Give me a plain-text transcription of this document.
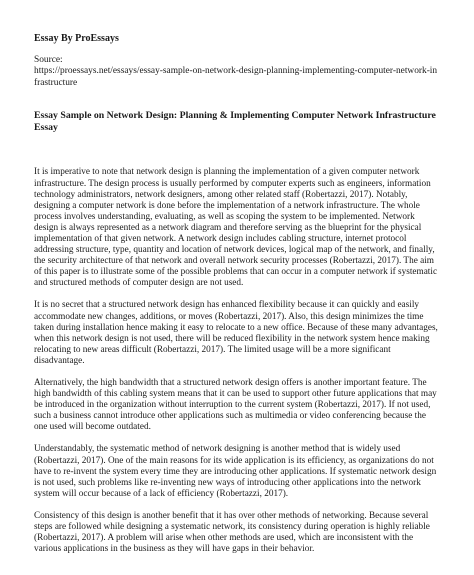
Essay By ProEssays
Source:
https://proessays.net/essays/essay-sample-on-network-design-planning-implementing-computer-network-infrastructure
Essay Sample on Network Design: Planning & Implementing Computer Network Infrastructure Essay

It is imperative to note that network design is planning the implementation of a given computer network infrastructure. The design process is usually performed by computer experts such as engineers, information technology administrators, network designers, among other related staff (Robertazzi, 2017). Notably, designing a computer network is done before the implementation of a network infrastructure. The whole process involves understanding, evaluating, as well as scoping the system to be implemented. Network design is always represented as a network diagram and therefore serving as the blueprint for the physical implementation of that given network. A network design includes cabling structure, internet protocol addressing structure, type, quantity and location of network devices, logical map of the network, and finally, the security architecture of that network and overall network security processes (Robertazzi, 2017). The aim of this paper is to illustrate some of the possible problems that can occur in a computer network if systematic and structured methods of computer design are not used.

It is no secret that a structured network design has enhanced flexibility because it can quickly and easily accommodate new changes, additions, or moves (Robertazzi, 2017). Also, this design minimizes the time taken during installation hence making it easy to relocate to a new office. Because of these many advantages, when this network design is not used, there will be reduced flexibility in the network system hence making relocating to new areas difficult (Robertazzi, 2017). The limited usage will be a more significant disadvantage.

Alternatively, the high bandwidth that a structured network design offers is another important feature. The high bandwidth of this cabling system means that it can be used to support other future applications that may be introduced in the organization without interruption to the current system (Robertazzi, 2017). If not used, such a business cannot introduce other applications such as multimedia or video conferencing because the one used will become outdated.

Understandably, the systematic method of network designing is another method that is widely used (Robertazzi, 2017). One of the main reasons for its wide application is its efficiency, as organizations do not have to re-invent the system every time they are introducing other applications. If systematic network design is not used, such problems like re-inventing new ways of introducing other applications into the network system will occur because of a lack of efficiency (Robertazzi, 2017).

Consistency of this design is another benefit that it has over other methods of networking. Because several steps are followed while designing a systematic network, its consistency during operation is highly reliable (Robertazzi, 2017). A problem will arise when other methods are used, which are inconsistent with the various applications in the business as they will have gaps in their behavior.
